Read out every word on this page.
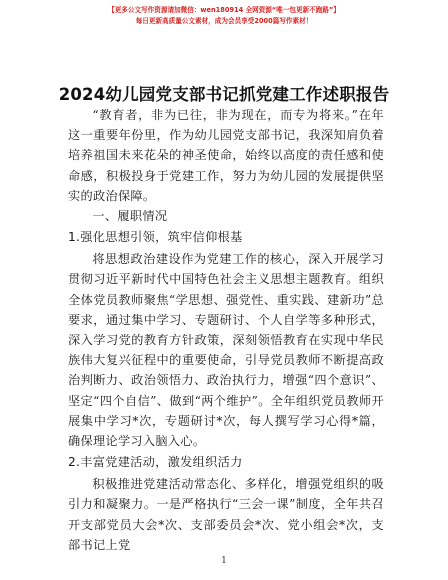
【更多公文写作资源请加微信：wen180914 全网资源“唯一包更新不跑路”】
每日更新高质量公文素材，成为会员享受2000篇写作素材！
2024幼儿园党支部书记抓党建工作述职报告

“教育者，非为已往，非为现在，而专为将来。”在年这一重要年份里，作为幼儿园党支部书记，我深知肩负着培养祖国未来花朵的神圣使命，始终以高度的责任感和使命感，积极投身于党建工作，努力为幼儿园的发展提供坚实的政治保障。

一、履职情况

1.强化思想引领，筑牢信仰根基

将思想政治建设作为党建工作的核心，深入开展学习贯彻习近平新时代中国特色社会主义思想主题教育。组织全体党员教师聚焦“学思想、强党性、重实践、建新功”总要求，通过集中学习、专题研讨、个人自学等多种形式，深入学习党的教育方针政策，深刻领悟教育在实现中华民族伟大复兴征程中的重要使命，引导党员教师不断提高政治判断力、政治领悟力、政治执行力，增强“四个意识”、坚定“四个自信”、做到“两个维护”。全年组织党员教师开展集中学习*次，专题研讨*次，每人撰写学习心得*篇，确保理论学习入脑入心。

2.丰富党建活动，激发组织活力

积极推进党建活动常态化、多样化，增强党组织的吸引力和凝聚力。一是严格执行“三会一课”制度，全年共召开支部党员大会*次、支部委员会*次、党小组会*次，支部书记上党

1
